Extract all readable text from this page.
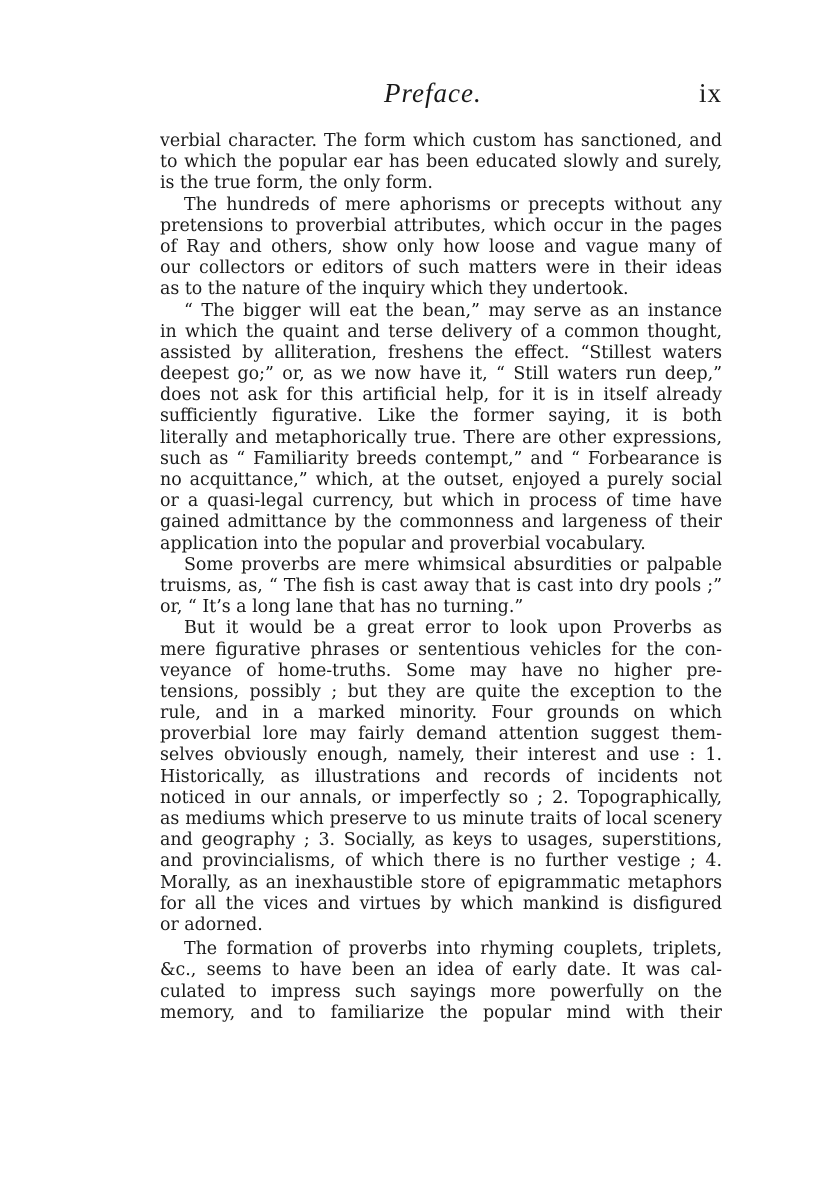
Preface.	ix
verbial character. The form which custom has sanctioned, and
to which the popular ear has been educated slowly and surely,
is the true form, the only form.
The hundreds of mere aphorisms or precepts without any
pretensions to proverbial attributes, which occur in the pages
of Ray and others, show only how loose and vague many of
our collectors or editors of such matters were in their ideas
as to the nature of the inquiry which they undertook.
“ The bigger will eat the bean,” may serve as an instance
in which the quaint and terse delivery of a common thought,
assisted by alliteration, freshens the effect. “Stillest waters
deepest go;” or, as we now have it, “ Still waters run deep,”
does not ask for this artificial help, for it is in itself already
sufficiently figurative. Like the former saying, it is both
literally and metaphorically true. There are other expressions,
such as “ Familiarity breeds contempt,” and “ Forbearance is
no acquittance,” which, at the outset, enjoyed a purely social
or a quasi-legal currency, but which in process of time have
gained admittance by the commonness and largeness of their
application into the popular and proverbial vocabulary.
Some proverbs are mere whimsical absurdities or palpable
truisms, as, “ The fish is cast away that is cast into dry pools ;”
or, “ It’s a long lane that has no turning.”
But it would be a great error to look upon Proverbs as
mere figurative phrases or sententious vehicles for the con-
veyance of home-truths. Some may have no higher pre-
tensions, possibly ; but they are quite the exception to the
rule, and in a marked minority. Four grounds on which
proverbial lore may fairly demand attention suggest them-
selves obviously enough, namely, their interest and use : 1.
Historically, as illustrations and records of incidents not
noticed in our annals, or imperfectly so ; 2. Topographically,
as mediums which preserve to us minute traits of local scenery
and geography ; 3. Socially, as keys to usages, superstitions,
and provincialisms, of which there is no further vestige ; 4.
Morally, as an inexhaustible store of epigrammatic metaphors
for all the vices and virtues by which mankind is disfigured
or adorned.
The formation of proverbs into rhyming couplets, triplets,
&c., seems to have been an idea of early date. It was cal-
culated to impress such sayings more powerfully on the
memory, and to familiarize the popular mind with their
